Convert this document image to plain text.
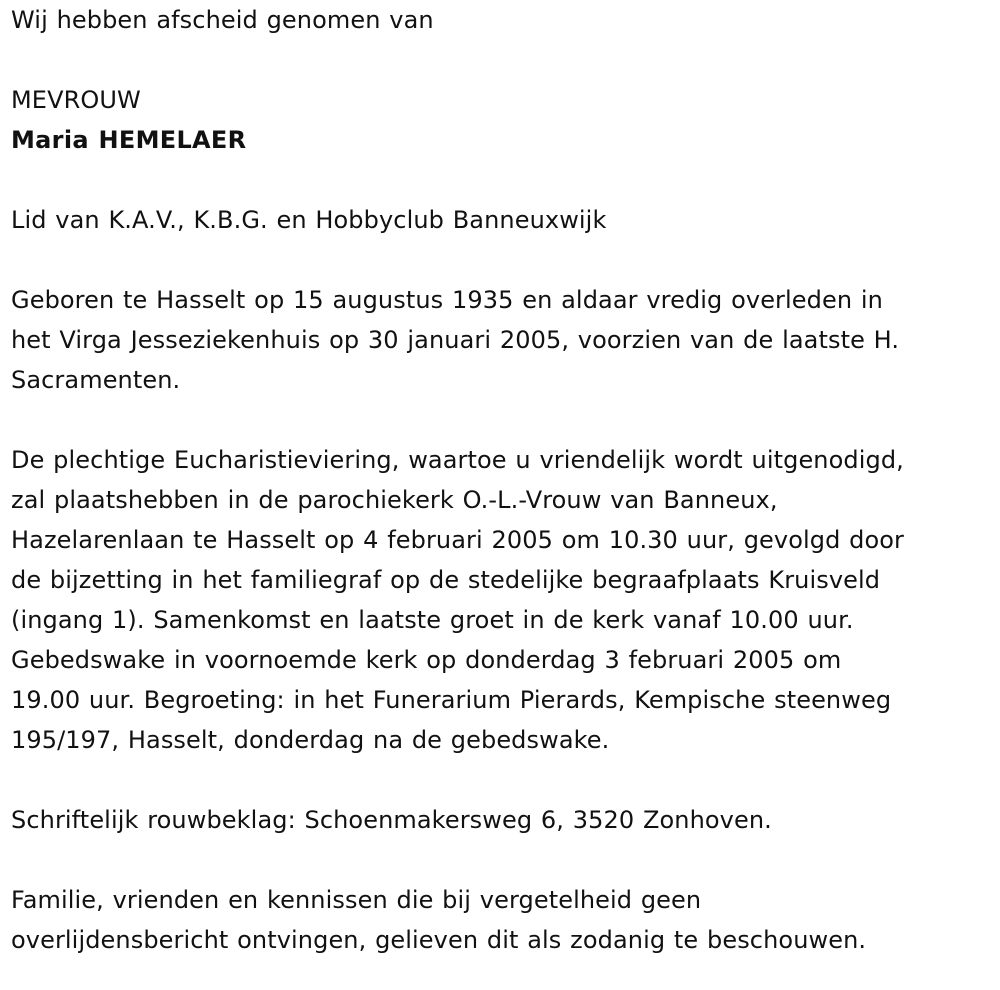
Wij hebben afscheid genomen van
MEVROUW
Maria HEMELAER
Lid van K.A.V., K.B.G. en Hobbyclub Banneuxwijk
Geboren te Hasselt op 15 augustus 1935 en aldaar vredig overleden in
het Virga Jesseziekenhuis op 30 januari 2005, voorzien van de laatste H.
Sacramenten.
De plechtige Eucharistieviering, waartoe u vriendelijk wordt uitgenodigd,
zal plaatshebben in de parochiekerk O.-L.-Vrouw van Banneux,
Hazelarenlaan te Hasselt op 4 februari 2005 om 10.30 uur, gevolgd door
de bijzetting in het familiegraf op de stedelijke begraafplaats Kruisveld
(ingang 1). Samenkomst en laatste groet in de kerk vanaf 10.00 uur.
Gebedswake in voornoemde kerk op donderdag 3 februari 2005 om
19.00 uur. Begroeting: in het Funerarium Pierards, Kempische steenweg
195/197, Hasselt, donderdag na de gebedswake.
Schriftelijk rouwbeklag: Schoenmakersweg 6, 3520 Zonhoven.
Familie, vrienden en kennissen die bij vergetelheid geen
overlijdensbericht ontvingen, gelieven dit als zodanig te beschouwen.
